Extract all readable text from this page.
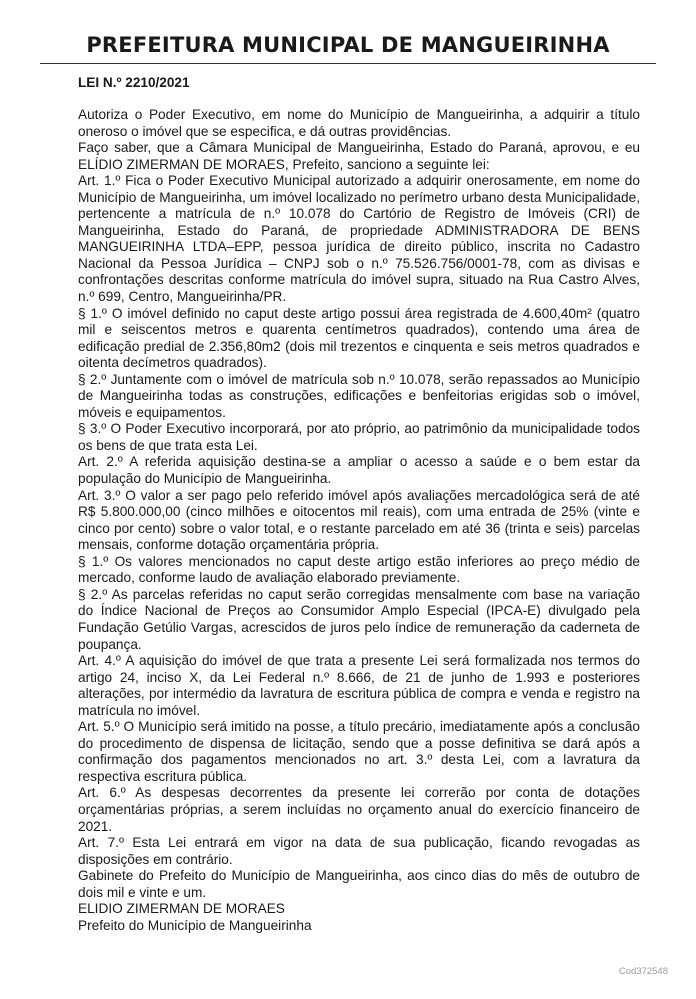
PREFEITURA MUNICIPAL DE MANGUEIRINHA
LEI N.º 2210/2021

Autoriza o Poder Executivo, em nome do Município de Mangueirinha, a adquirir a título oneroso o imóvel que se especifica, e dá outras providências.

Faço saber, que a Câmara Municipal de Mangueirinha, Estado do Paraná, aprovou, e eu ELÍDIO ZIMERMAN DE MORAES, Prefeito, sanciono a seguinte lei:

Art. 1.º Fica o Poder Executivo Municipal autorizado a adquirir onerosamente, em nome do Município de Mangueirinha, um imóvel localizado no perímetro urbano desta Municipalidade, pertencente a matrícula de n.º 10.078 do Cartório de Registro de Imóveis (CRI) de Mangueirinha, Estado do Paraná, de propriedade ADMINISTRADORA DE BENS MANGUEIRINHA LTDA–EPP, pessoa jurídica de direito público, inscrita no Cadastro Nacional da Pessoa Jurídica – CNPJ sob o n.º 75.526.756/0001-78, com as divisas e confrontações descritas conforme matrícula do imóvel supra, situado na Rua Castro Alves, n.º 699, Centro, Mangueirinha/PR.

§ 1.º O imóvel definido no caput deste artigo possui área registrada de 4.600,40m² (quatro mil e seiscentos metros e quarenta centímetros quadrados), contendo uma área de edificação predial de 2.356,80m2 (dois mil trezentos e cinquenta e seis metros quadrados e oitenta decímetros quadrados).

§ 2.º Juntamente com o imóvel de matrícula sob n.º 10.078, serão repassados ao Município de Mangueirinha todas as construções, edificações e benfeitorias erigidas sob o imóvel, móveis e equipamentos.

§ 3.º O Poder Executivo incorporará, por ato próprio, ao patrimônio da municipalidade todos os bens de que trata esta Lei.

Art. 2.º A referida aquisição destina-se a ampliar o acesso a saúde e o bem estar da população do Município de Mangueirinha.

Art. 3.º O valor a ser pago pelo referido imóvel após avaliações mercadológica será de até R$ 5.800.000,00 (cinco milhões e oitocentos mil reais), com uma entrada de 25% (vinte e cinco por cento) sobre o valor total, e o restante parcelado em até 36 (trinta e seis) parcelas mensais, conforme dotação orçamentária própria.

§ 1.º Os valores mencionados no caput deste artigo estão inferiores ao preço médio de mercado, conforme laudo de avaliação elaborado previamente.

§ 2.º As parcelas referidas no caput serão corregidas mensalmente com base na variação do Índice Nacional de Preços ao Consumidor Amplo Especial (IPCA-E) divulgado pela Fundação Getúlio Vargas, acrescidos de juros pelo índice de remuneração da caderneta de poupança.

Art. 4.º A aquisição do imóvel de que trata a presente Lei será formalizada nos termos do artigo 24, inciso X, da Lei Federal n.º 8.666, de 21 de junho de 1.993 e posteriores alterações, por intermédio da lavratura de escritura pública de compra e venda e registro na matrícula no imóvel.

Art. 5.º O Município será imitido na posse, a título precário, imediatamente após a conclusão do procedimento de dispensa de licitação, sendo que a posse definitiva se dará após a confirmação dos pagamentos mencionados no art. 3.º desta Lei, com a lavratura da respectiva escritura pública.

Art. 6.º As despesas decorrentes da presente lei correrão por conta de dotações orçamentárias próprias, a serem incluídas no orçamento anual do exercício financeiro de 2021.

Art. 7.º Esta Lei entrará em vigor na data de sua publicação, ficando revogadas as disposições em contrário.

Gabinete do Prefeito do Município de Mangueirinha, aos cinco dias do mês de outubro de dois mil e vinte e um.

ELIDIO ZIMERMAN DE MORAES

Prefeito do Município de Mangueirinha

Cod372548
